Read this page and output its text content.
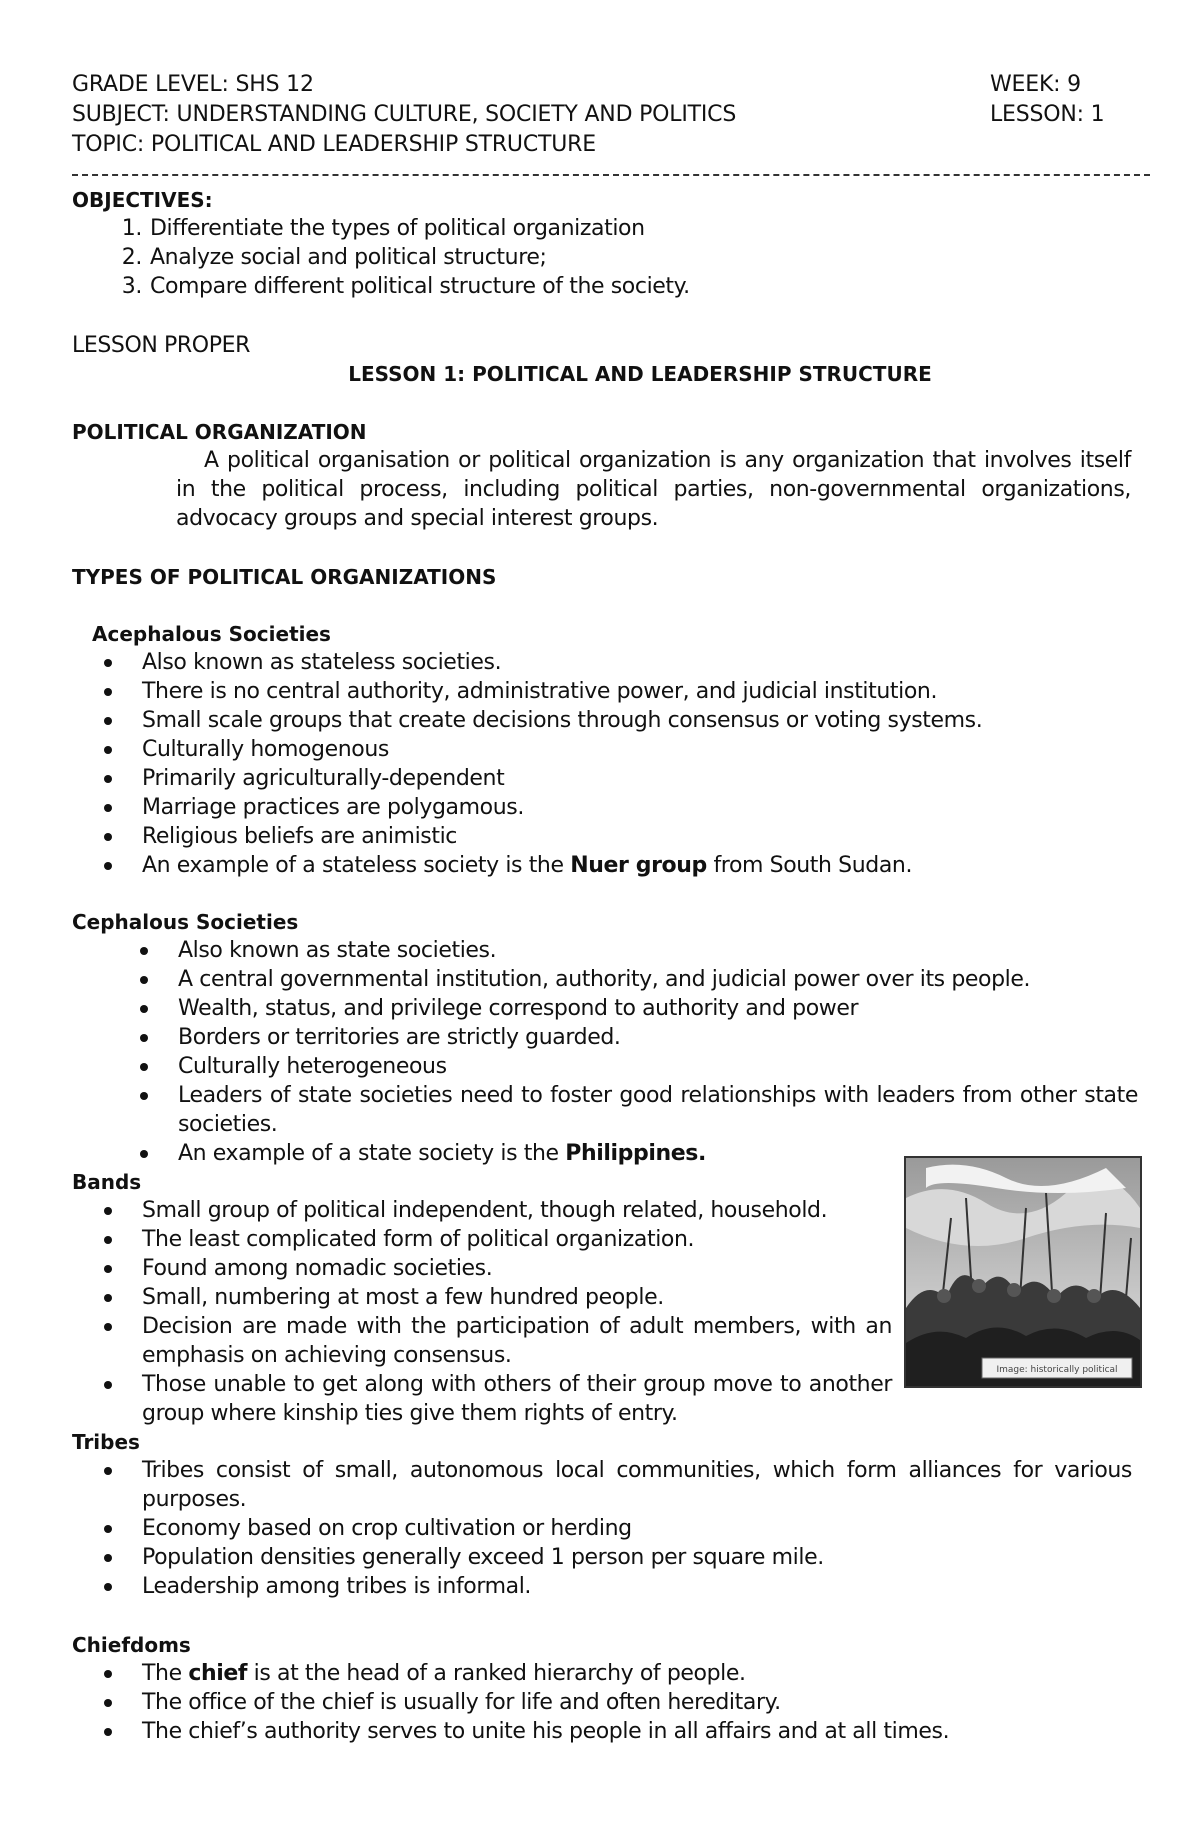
GRADE LEVEL: SHS 12
SUBJECT: UNDERSTANDING CULTURE, SOCIETY AND POLITICS
TOPIC: POLITICAL AND LEADERSHIP STRUCTURE
WEEK: 9
LESSON: 1
OBJECTIVES:
1. Differentiate the types of political organization
2. Analyze social and political structure;
3. Compare different political structure of the society.
LESSON PROPER
LESSON 1: POLITICAL AND LEADERSHIP STRUCTURE
POLITICAL ORGANIZATION
A political organisation or political organization is any organization that involves itself in the political process, including political parties, non-governmental organizations, advocacy groups and special interest groups.
TYPES OF POLITICAL ORGANIZATIONS
Acephalous Societies
Also known as stateless societies.
There is no central authority, administrative power, and judicial institution.
Small scale groups that create decisions through consensus or voting systems.
Culturally homogenous
Primarily agriculturally-dependent
Marriage practices are polygamous.
Religious beliefs are animistic
An example of a stateless society is the Nuer group from South Sudan.
Cephalous Societies
Also known as state societies.
A central governmental institution, authority, and judicial power over its people.
Wealth, status, and privilege correspond to authority and power
Borders or territories are strictly guarded.
Culturally heterogeneous
Leaders of state societies need to foster good relationships with leaders from other state societies.
An example of a state society is the Philippines.
Bands
Small group of political independent, though related, household.
The least complicated form of political organization.
Found among nomadic societies.
Small, numbering at most a few hundred people.
Decision are made with the participation of adult members, with an emphasis on achieving consensus.
Those unable to get along with others of their group move to another group where kinship ties give them rights of entry.
Image: historically political
Tribes
Tribes consist of small, autonomous local communities, which form alliances for various purposes.
Economy based on crop cultivation or herding
Population densities generally exceed 1 person per square mile.
Leadership among tribes is informal.
Chiefdoms
The chief is at the head of a ranked hierarchy of people.
The office of the chief is usually for life and often hereditary.
The chief’s authority serves to unite his people in all affairs and at all times.
